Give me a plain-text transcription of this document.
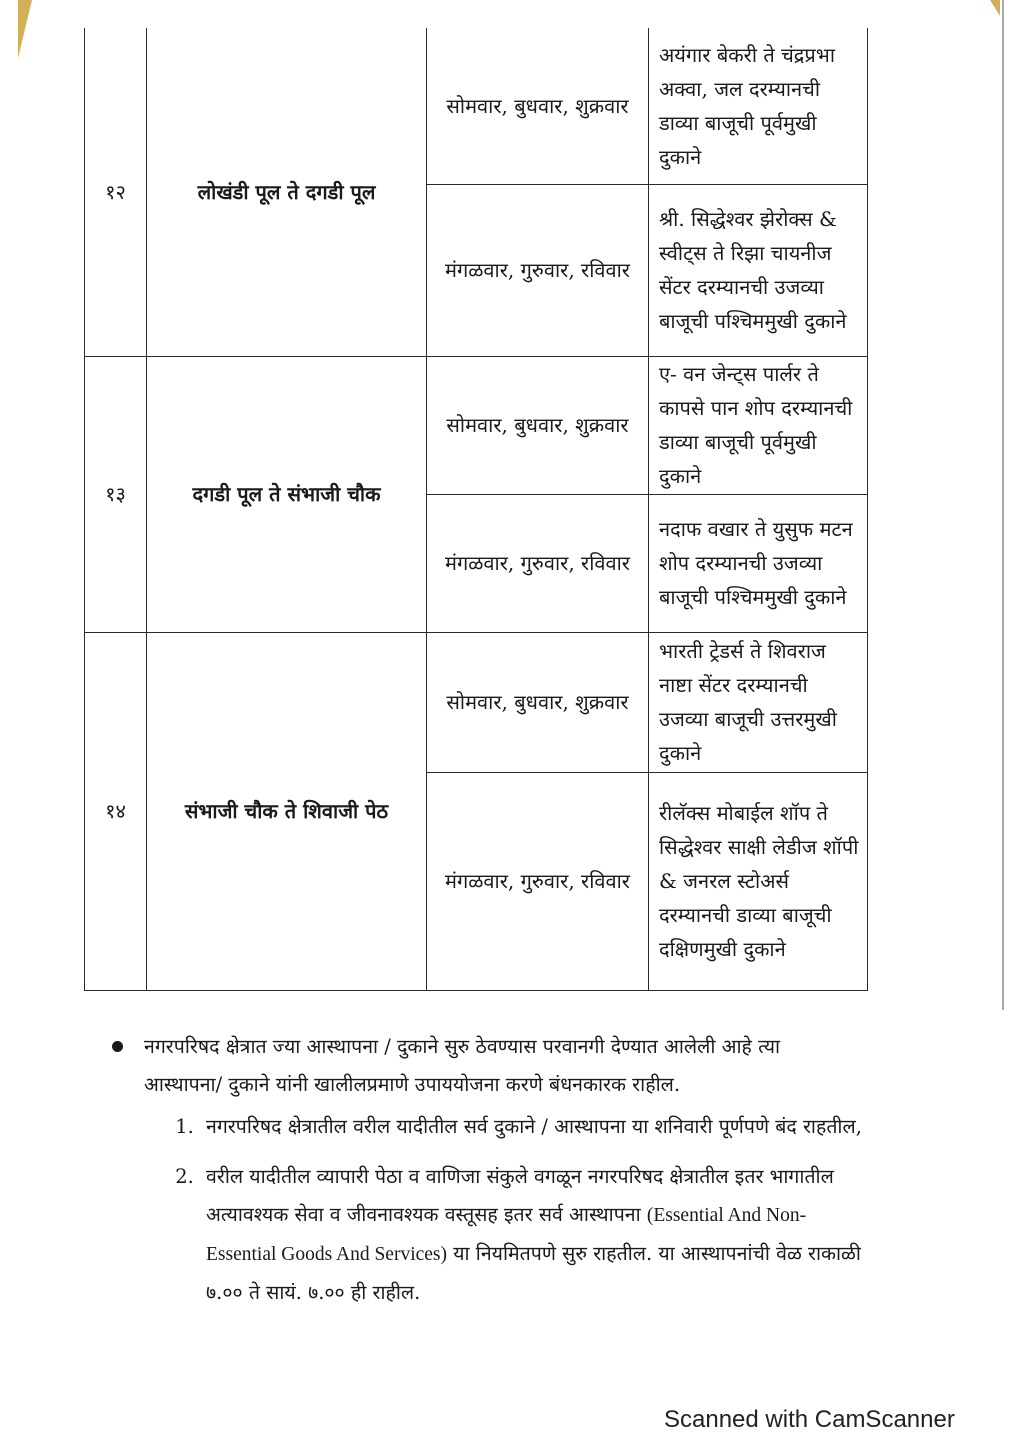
१२	लोखंडी पूल ते दगडी पूल	सोमवार, बुधवार, शुक्रवार	अयंगार बेकरी ते चंद्रप्रभा अक्वा, जल दरम्यानची डाव्या बाजूची पूर्वमुखी दुकाने
		मंगळवार, गुरुवार, रविवार	श्री. सिद्धेश्वर झेरोक्स & स्वीट्स ते रिझा चायनीज सेंटर दरम्यानची उजव्या बाजूची पश्चिममुखी दुकाने
१३	दगडी पूल ते संभाजी चौक	सोमवार, बुधवार, शुक्रवार	ए- वन जेन्ट्स पार्लर ते कापसे पान शोप दरम्यानची डाव्या बाजूची पूर्वमुखी दुकाने
		मंगळवार, गुरुवार, रविवार	नदाफ वखार ते युसुफ मटन शोप दरम्यानची उजव्या बाजूची पश्चिममुखी दुकाने
१४	संभाजी चौक ते शिवाजी पेठ	सोमवार, बुधवार, शुक्रवार	भारती ट्रेडर्स ते शिवराज नाष्टा सेंटर दरम्यानची उजव्या बाजूची उत्तरमुखी दुकाने
		मंगळवार, गुरुवार, रविवार	रीलॅक्स मोबाईल शॉप ते सिद्धेश्वर साक्षी लेडीज शॉपी & जनरल स्टोअर्स दरम्यानची डाव्या बाजूची दक्षिणमुखी दुकाने
नगरपरिषद क्षेत्रात ज्या आस्थापना / दुकाने सुरु ठेवण्यास परवानगी देण्यात आलेली आहे त्या आस्थापना/ दुकाने यांनी खालीलप्रमाणे उपाययोजना करणे बंधनकारक राहील.
1. नगरपरिषद क्षेत्रातील वरील यादीतील सर्व दुकाने / आस्थापना या शनिवारी पूर्णपणे बंद राहतील,
2. वरील यादीतील व्यापारी पेठा व वाणिजा संकुले वगळून नगरपरिषद क्षेत्रातील इतर भागातील अत्यावश्यक सेवा व जीवनावश्यक वस्तूसह इतर सर्व आस्थापना (Essential And Non-Essential Goods And Services) या नियमितपणे सुरु राहतील. या आस्थापनांची वेळ राकाळी ७.०० ते सायं. ७.०० ही राहील.
Scanned with CamScanner
